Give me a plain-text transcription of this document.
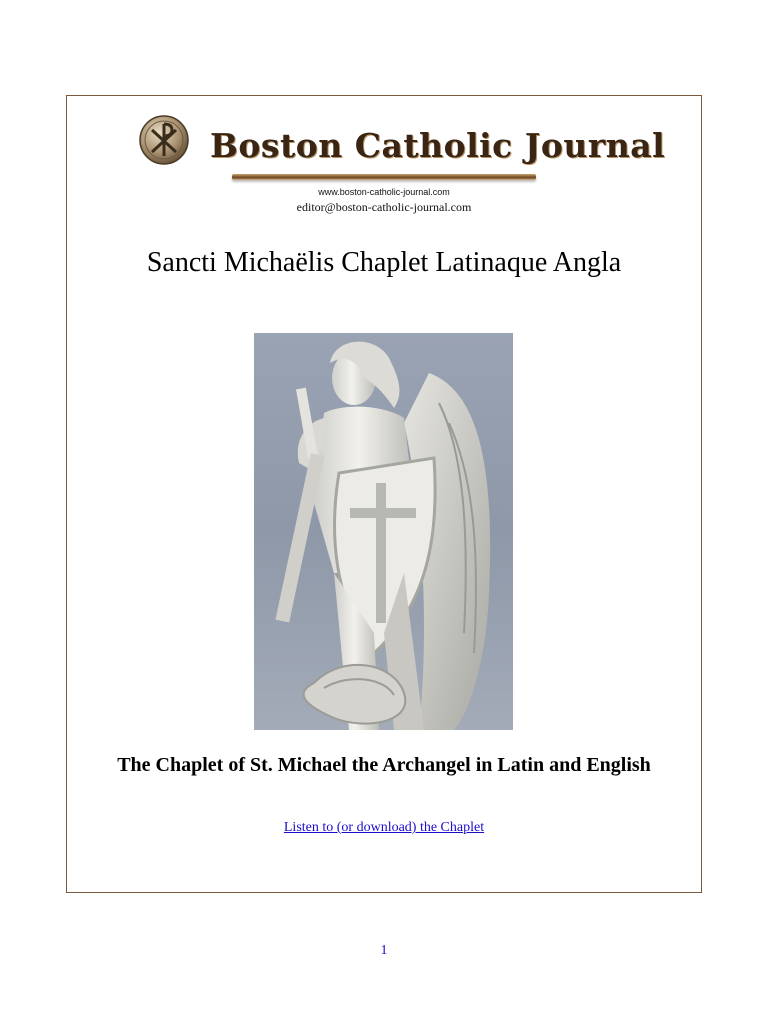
Boston Catholic Journal
www.boston-catholic-journal.com
editor@boston-catholic-journal.com
Sancti Michaëlis Chaplet Latinaque Angla
The Chaplet of St. Michael the Archangel in Latin and English
Listen to (or download) the Chaplet
1
